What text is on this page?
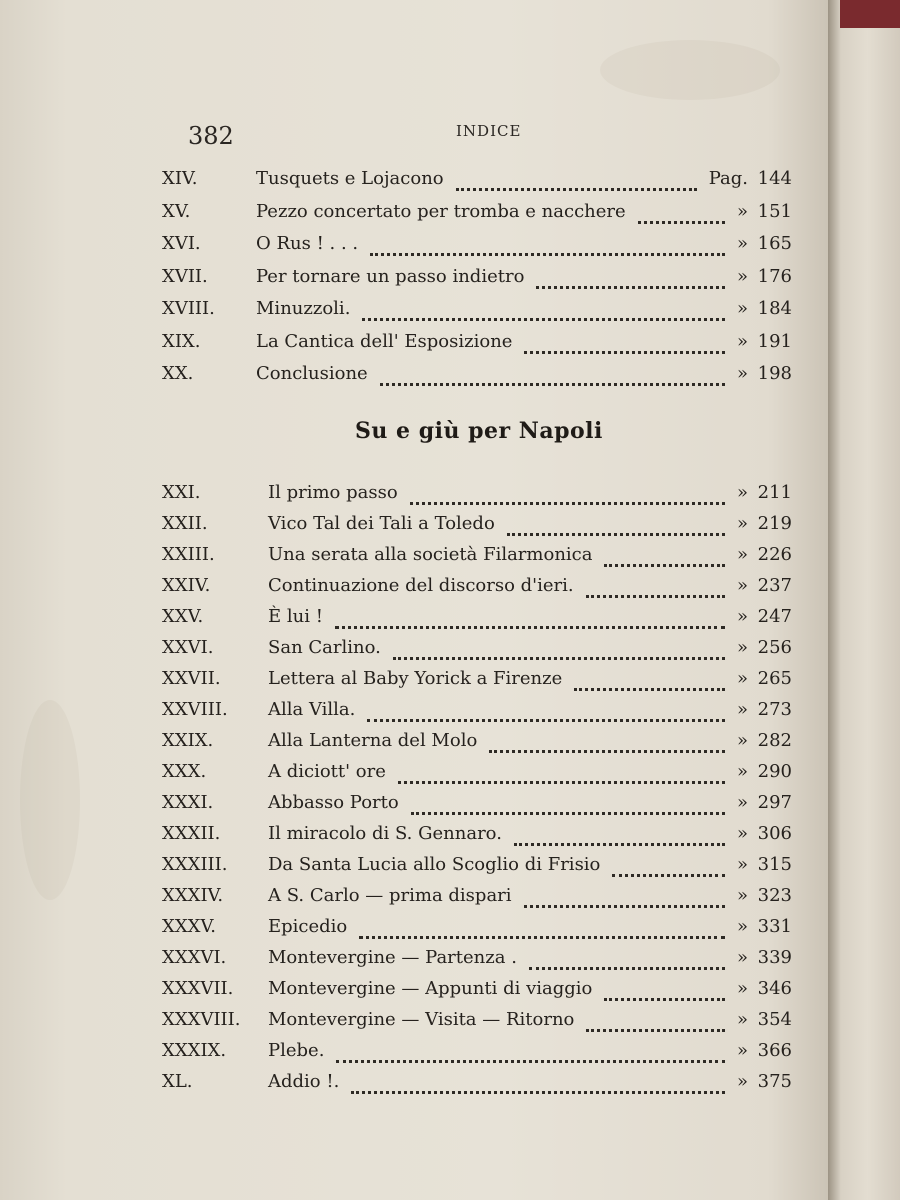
382	INDICE
XIV.	Tusquets e Lojacono	Pag. 144
XV.	Pezzo concertato per tromba e nacchere	» 151
XVI.	O Rus ! . . .	» 165
XVII.	Per tornare un passo indietro	» 176
XVIII. Minuzzoli.	» 184
XIX.	La Cantica dell' Esposizione	» 191
XX.	Conclusione	» 198
XXI.	Il primo passo	» 211
XXII.	Vico Tal dei Tali a Toledo	» 219
XXIII.	Una serata alla società Filarmonica	» 226
XXIV.	Continuazione del discorso d'ieri.	» 237
XXV.	È lui !	» 247
XXVI.	San Carlino.	» 256
XXVII.	Lettera al Baby Yorick a Firenze	» 265
XXVIII. Alla Villa.	» 273
XXIX.	Alla Lanterna del Molo	» 282
XXX.	A diciott' ore	» 290
XXXI.	Abbasso Porto	» 297
XXXII.	Il miracolo di S. Gennaro.	» 306
XXXIII. Da Santa Lucia allo Scoglio di Frisio	» 315
XXXIV. A S. Carlo — prima dispari	» 323
XXXV.	Epicedio	» 331
XXXVI. Montevergine — Partenza .	» 339
XXXVII. Montevergine — Appunti di viaggio	» 346
XXXVIII. Montevergine — Visita — Ritorno	» 354
XXXIX. Plebe.	» 366
XL.	Addio !.	» 375
Su e giù per Napoli
